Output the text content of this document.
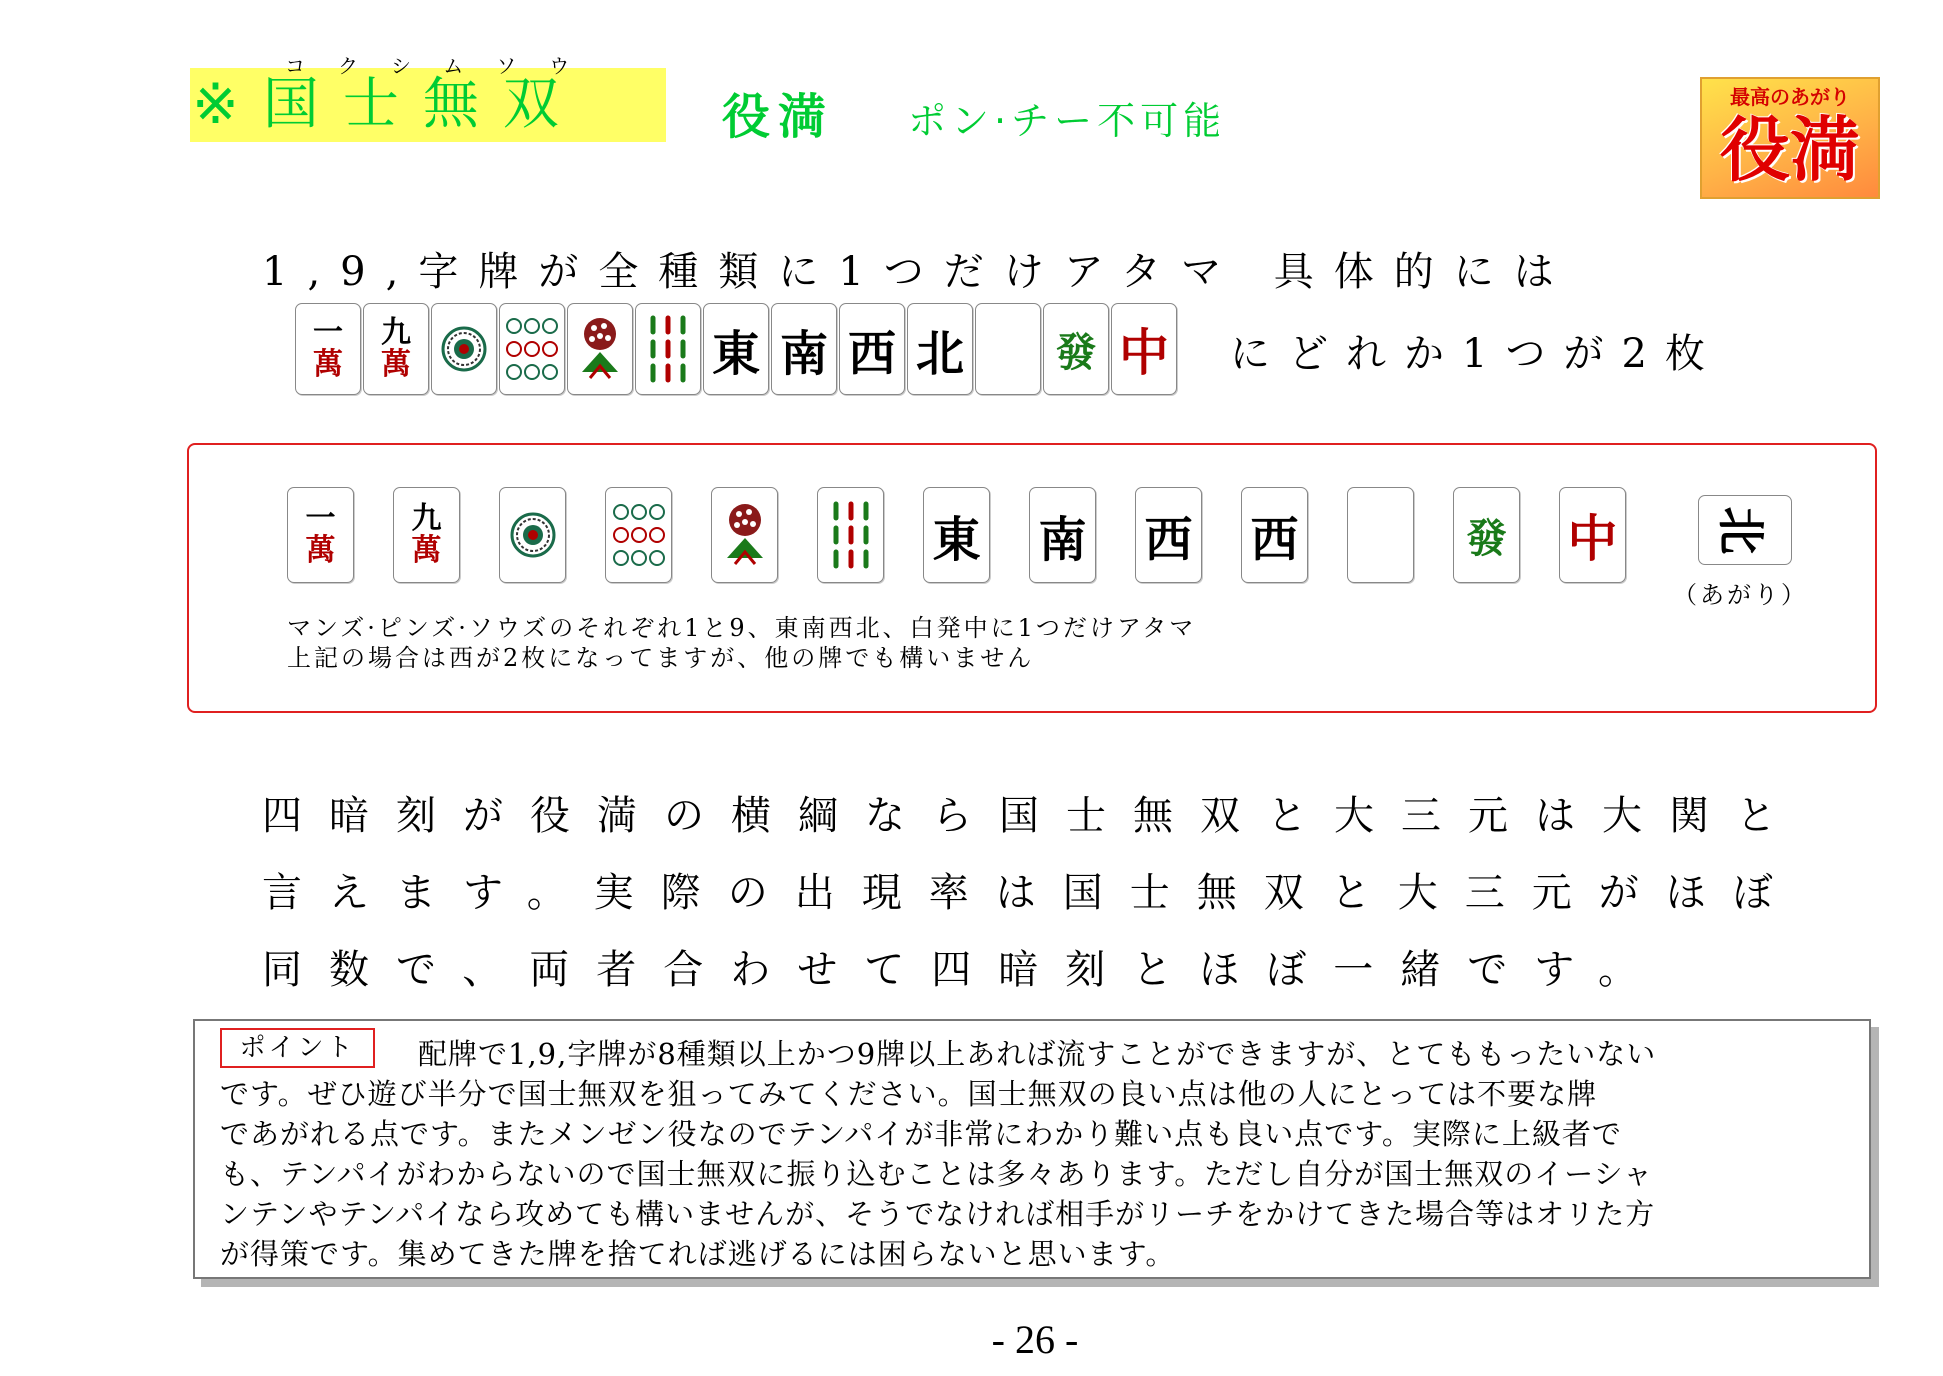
コクシムソウ
※国士無双	役満 ポン·チー不可能
最高のあがり
役満
1,9,字牌が全種類に1つだけアタマ 具体的には
一
萬
九
萬	東 南 西 北 發 中 にどれか1つが2枚
一
萬
九
萬	東 南 西 西	發 中 北
（あがり）
マンズ·ピンズ·ソウズのそれぞれ1と9、東南西北、白発中に1つだけアタマ
上記の場合は西が2枚になってますが、他の牌でも構いません
四暗刻が役満の横綱なら国士無双と大三元は大関と
言えます。実際の出現率は国士無双と大三元がほぼ
同数で、両者合わせて四暗刻とほぼ一緒です。
ポイント	配牌で1,9,字牌が8種類以上かつ9牌以上あれば流すことができますが、とてももったいない
です。ぜひ遊び半分で国士無双を狙ってみてください。国士無双の良い点は他の人にとっては不要な牌
であがれる点です。またメンゼン役なのでテンパイが非常にわかり難い点も良い点です。実際に上級者で
も、テンパイがわからないので国士無双に振り込むことは多々あります。ただし自分が国士無双のイーシャ
ンテンやテンパイなら攻めても構いませんが、そうでなければ相手がリーチをかけてきた場合等はオリた方
が得策です。集めてきた牌を捨てれば逃げるには困らないと思います。
- 26 -
